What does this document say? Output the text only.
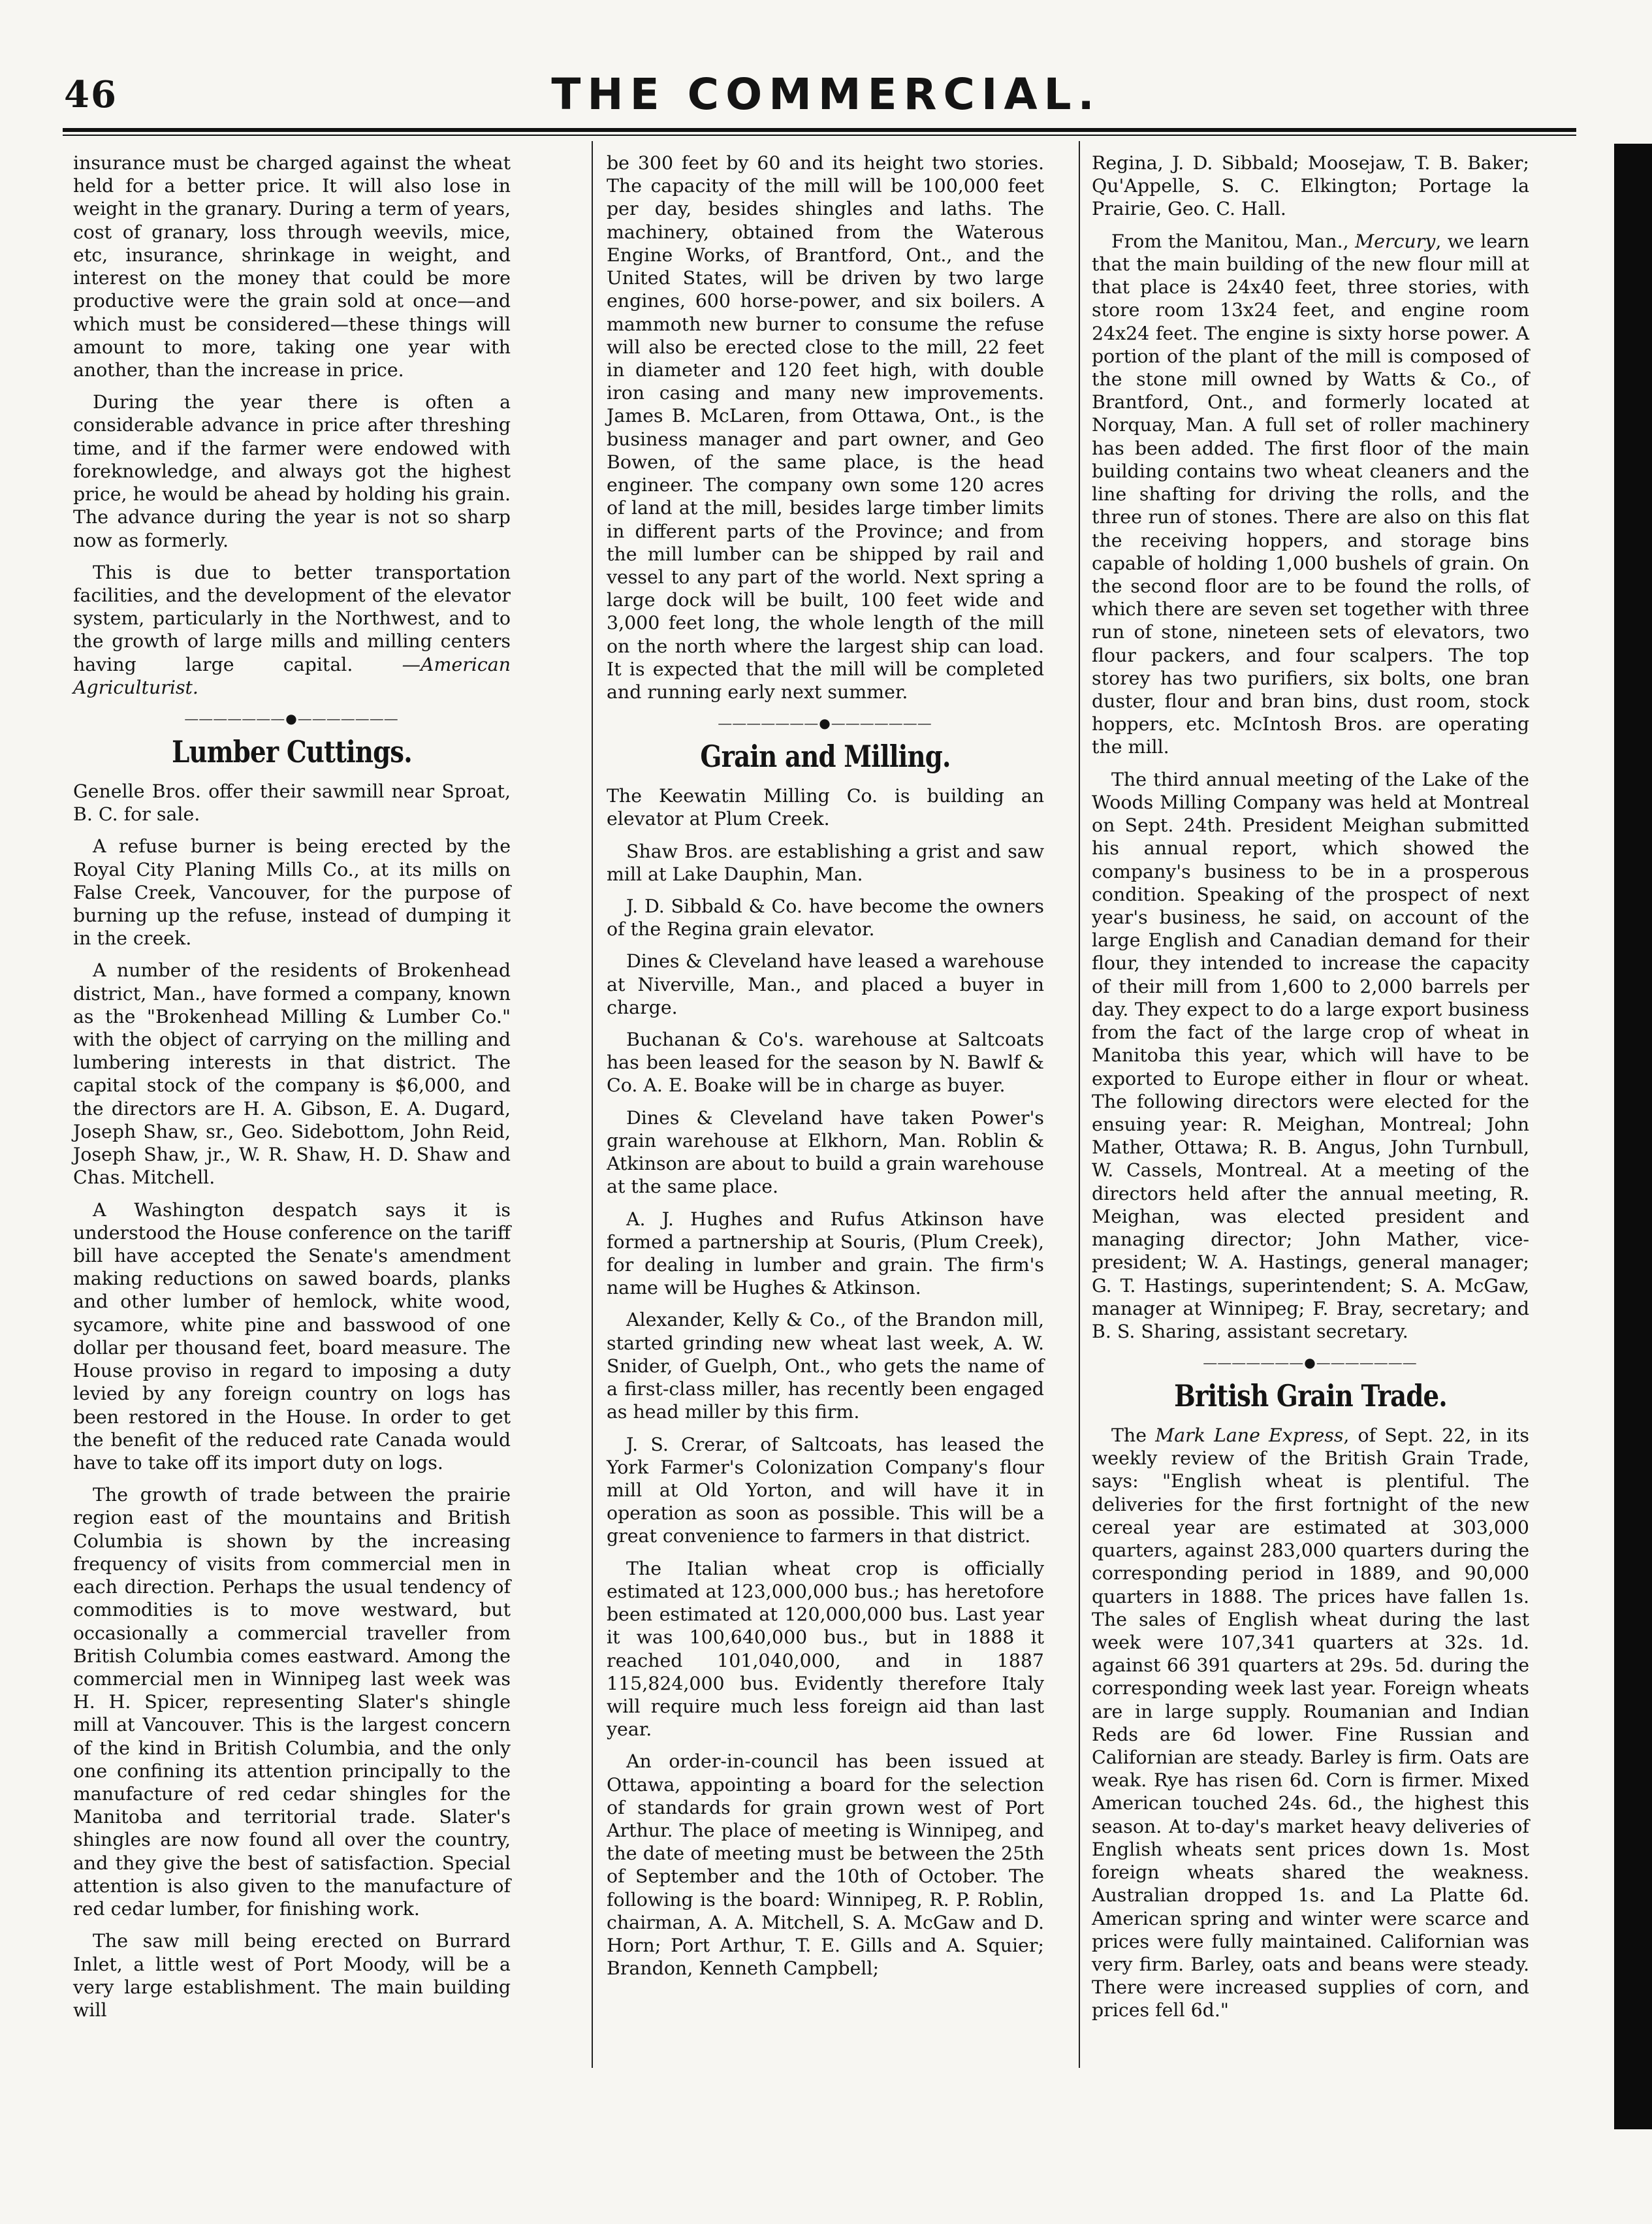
46	THE COMMERCIAL.

insurance must be charged against the wheat held for a better price. It will also lose in weight in the granary. During a term of years, cost of granary, loss through weevils, mice, etc, insurance, shrinkage in weight, and interest on the money that could be more productive were the grain sold at once—and which must be considered—these things will amount to more, taking one year with another, than the increase in price.

During the year there is often a considerable advance in price after threshing time, and if the farmer were endowed with foreknowledge, and always got the highest price, he would be ahead by holding his grain. The advance during the year is not so sharp now as formerly.

This is due to better transportation facilities, and the development of the elevator system, particularly in the Northwest, and to the growth of large mills and milling centers having large capital.	—American Agriculturist.

―――――――●―――――――
Lumber Cuttings.

Genelle Bros. offer their sawmill near Sproat, B. C. for sale.

A refuse burner is being erected by the Royal City Planing Mills Co., at its mills on False Creek, Vancouver, for the purpose of burning up the refuse, instead of dumping it in the creek.

A number of the residents of Brokenhead district, Man., have formed a company, known as the "Brokenhead Milling & Lumber Co." with the object of carrying on the milling and lumbering interests in that district. The capital stock of the company is $6,000, and the directors are H. A. Gibson, E. A. Dugard, Joseph Shaw, sr., Geo. Sidebottom, John Reid, Joseph Shaw, jr., W. R. Shaw, H. D. Shaw and Chas. Mitchell.

A Washington despatch says it is understood the House conference on the tariff bill have accepted the Senate's amendment making reductions on sawed boards, planks and other lumber of hemlock, white wood, sycamore, white pine and basswood of one dollar per thousand feet, board measure. The House proviso in regard to imposing a duty levied by any foreign country on logs has been restored in the House. In order to get the benefit of the reduced rate Canada would have to take off its import duty on logs.

The growth of trade between the prairie region east of the mountains and British Columbia is shown by the increasing frequency of visits from commercial men in each direction. Perhaps the usual tendency of commodities is to move westward, but occasionally a commercial traveller from British Columbia comes eastward. Among the commercial men in Winnipeg last week was H. H. Spicer, representing Slater's shingle mill at Vancouver. This is the largest concern of the kind in British Columbia, and the only one confining its attention principally to the manufacture of red cedar shingles for the Manitoba and territorial trade. Slater's shingles are now found all over the country, and they give the best of satisfaction. Special attention is also given to the manufacture of red cedar lumber, for finishing work.

The saw mill being erected on Burrard Inlet, a little west of Port Moody, will be a very large establishment. The main building will

be 300 feet by 60 and its height two stories. The capacity of the mill will be 100,000 feet per day, besides shingles and laths. The machinery, obtained from the Waterous Engine Works, of Brantford, Ont., and the United States, will be driven by two large engines, 600 horse-power, and six boilers. A mammoth new burner to consume the refuse will also be erected close to the mill, 22 feet in diameter and 120 feet high, with double iron casing and many new improvements. James B. McLaren, from Ottawa, Ont., is the business manager and part owner, and Geo Bowen, of the same place, is the head engineer. The company own some 120 acres of land at the mill, besides large timber limits in different parts of the Province; and from the mill lumber can be shipped by rail and vessel to any part of the world. Next spring a large dock will be built, 100 feet wide and 3,000 feet long, the whole length of the mill on the north where the largest ship can load. It is expected that the mill will be completed and running early next summer.

―――――――●―――――――
Grain and Milling.

The Keewatin Milling Co. is building an elevator at Plum Creek.

Shaw Bros. are establishing a grist and saw mill at Lake Dauphin, Man.

J. D. Sibbald & Co. have become the owners of the Regina grain elevator.

Dines & Cleveland have leased a warehouse at Niverville, Man., and placed a buyer in charge.

Buchanan & Co's. warehouse at Saltcoats has been leased for the season by N. Bawlf & Co. A. E. Boake will be in charge as buyer.

Dines & Cleveland have taken Power's grain warehouse at Elkhorn, Man. Roblin & Atkinson are about to build a grain warehouse at the same place.

A. J. Hughes and Rufus Atkinson have formed a partnership at Souris, (Plum Creek), for dealing in lumber and grain. The firm's name will be Hughes & Atkinson.

Alexander, Kelly & Co., of the Brandon mill, started grinding new wheat last week, A. W. Snider, of Guelph, Ont., who gets the name of a first-class miller, has recently been engaged as head miller by this firm.

J. S. Crerar, of Saltcoats, has leased the York Farmer's Colonization Company's flour mill at Old Yorton, and will have it in operation as soon as possible. This will be a great convenience to farmers in that district.

The Italian wheat crop is officially estimated at 123,000,000 bus.; has heretofore been estimated at 120,000,000 bus. Last year it was 100,640,000 bus., but in 1888 it reached 101,040,000, and in 1887 115,824,000 bus. Evidently therefore Italy will require much less foreign aid than last year.

An order-in-council has been issued at Ottawa, appointing a board for the selection of standards for grain grown west of Port Arthur. The place of meeting is Winnipeg, and the date of meeting must be between the 25th of September and the 10th of October. The following is the board: Winnipeg, R. P. Roblin, chairman, A. A. Mitchell, S. A. McGaw and D. Horn; Port Arthur, T. E. Gills and A. Squier; Brandon, Kenneth Campbell;

Regina, J. D. Sibbald; Moosejaw, T. B. Baker; Qu'Appelle, S. C. Elkington; Portage la Prairie, Geo. C. Hall.

From the Manitou, Man., Mercury, we learn that the main building of the new flour mill at that place is 24x40 feet, three stories, with store room 13x24 feet, and engine room 24x24 feet. The engine is sixty horse power. A portion of the plant of the mill is composed of the stone mill owned by Watts & Co., of Brantford, Ont., and formerly located at Norquay, Man. A full set of roller machinery has been added. The first floor of the main building contains two wheat cleaners and the line shafting for driving the rolls, and the three run of stones. There are also on this flat the receiving hoppers, and storage bins capable of holding 1,000 bushels of grain. On the second floor are to be found the rolls, of which there are seven set together with three run of stone, nineteen sets of elevators, two flour packers, and four scalpers. The top storey has two purifiers, six bolts, one bran duster, flour and bran bins, dust room, stock hoppers, etc. McIntosh Bros. are operating the mill.

The third annual meeting of the Lake of the Woods Milling Company was held at Montreal on Sept. 24th. President Meighan submitted his annual report, which showed the company's business to be in a prosperous condition. Speaking of the prospect of next year's business, he said, on account of the large English and Canadian demand for their flour, they intended to increase the capacity of their mill from 1,600 to 2,000 barrels per day. They expect to do a large export business from the fact of the large crop of wheat in Manitoba this year, which will have to be exported to Europe either in flour or wheat. The following directors were elected for the ensuing year: R. Meighan, Montreal; John Mather, Ottawa; R. B. Angus, John Turnbull, W. Cassels, Montreal. At a meeting of the directors held after the annual meeting, R. Meighan, was elected president and managing director; John Mather, vice-president; W. A. Hastings, general manager; G. T. Hastings, superintendent; S. A. McGaw, manager at Winnipeg; F. Bray, secretary; and B. S. Sharing, assistant secretary.

―――――――●―――――――
British Grain Trade.

The Mark Lane Express, of Sept. 22, in its weekly review of the British Grain Trade, says: "English wheat is plentiful. The deliveries for the first fortnight of the new cereal year are estimated at 303,000 quarters, against 283,000 quarters during the corresponding period in 1889, and 90,000 quarters in 1888. The prices have fallen 1s. The sales of English wheat during the last week were 107,341 quarters at 32s. 1d. against 66 391 quarters at 29s. 5d. during the corresponding week last year. Foreign wheats are in large supply. Roumanian and Indian Reds are 6d lower. Fine Russian and Californian are steady. Barley is firm. Oats are weak. Rye has risen 6d. Corn is firmer. Mixed American touched 24s. 6d., the highest this season. At to-day's market heavy deliveries of English wheats sent prices down 1s. Most foreign wheats shared the weakness. Australian dropped 1s. and La Platte 6d. American spring and winter were scarce and prices were fully maintained. Californian was very firm. Barley, oats and beans were steady. There were increased supplies of corn, and prices fell 6d."
